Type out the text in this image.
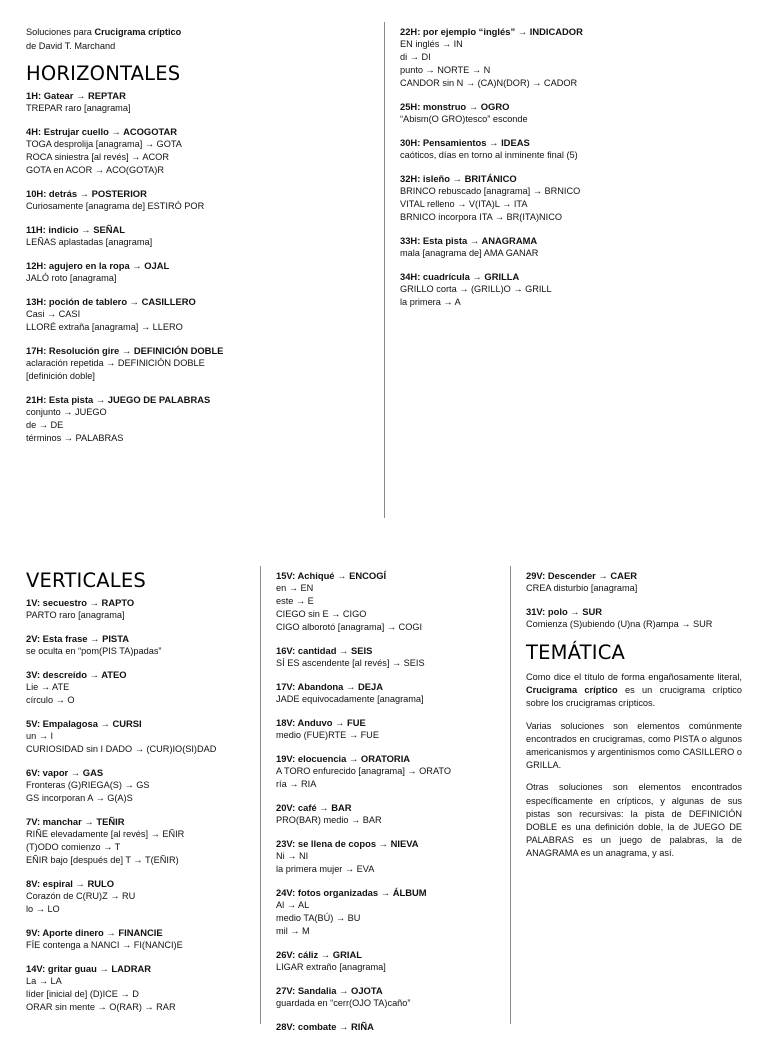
Soluciones para Crucigrama críptico
de David T. Marchand
HORIZONTALES
1H: Gatear → REPTAR
TREPAR raro [anagrama]
4H: Estrujar cuello → ACOGOTAR
TOGA desprolija [anagrama] → GOTA
ROCA siniestra [al revés] → ACOR
GOTA en ACOR → ACO(GOTA)R
10H: detrás → POSTERIOR
Curiosamente [anagrama de] ESTIRÓ POR
11H: indicio → SEÑAL
LEÑAS aplastadas [anagrama]
12H: agujero en la ropa → OJAL
JALÓ roto [anagrama]
13H: poción de tablero → CASILLERO
Casi → CASI
LLORÉ extraña [anagrama] → LLERO
17H: Resolución gire → DEFINICIÓN DOBLE
aclaración repetida → DEFINICIÓN DOBLE
[definición doble]
21H: Esta pista → JUEGO DE PALABRAS
conjunto → JUEGO
de → DE
términos → PALABRAS
22H: por ejemplo “inglés” → INDICADOR
EN inglés → IN
di → DI
punto → NORTE → N
CANDOR sin N → (CA)N(DOR) → CADOR
25H: monstruo → OGRO
“Abism(O GRO)tesco” esconde
30H: Pensamientos → IDEAS
caóticos, días en torno al inminente final (5)
32H: isleño → BRITÁNICO
BRINCO rebuscado [anagrama] → BRNICO
VITAL relleno → V(ITA)L → ITA
BRNICO incorpora ITA → BR(ITA)NICO
33H: Esta pista → ANAGRAMA
mala [anagrama de] AMA GANAR
34H: cuadrícula → GRILLA
GRILLO corta → (GRILL)O → GRILL
la primera → A
VERTICALES
1V: secuestro → RAPTO
PARTO raro [anagrama]
2V: Esta frase → PISTA
se oculta en “pom(PIS TA)padas”
3V: descreído → ATEO
Lie → ATE
círculo → O
5V: Empalagosa → CURSI
un → I
CURIOSIDAD sin I DADO → (CUR)IO(SI)DAD
6V: vapor → GAS
Fronteras (G)RIEGA(S) → GS
GS incorporan A → G(A)S
7V: manchar → TEÑIR
RIÑE elevadamente [al revés] → EÑIR
(T)ODO comienzo → T
EÑIR bajo [después de] T → T(EÑIR)
8V: espiral → RULO
Corazón de C(RU)Z → RU
lo → LO
9V: Aporte dinero → FINANCIE
FÍE contenga a NANCI → FI(NANCI)E
14V: gritar guau → LADRAR
La → LA
líder [inicial de] (D)ICE → D
ORAR sin mente → O(RAR) → RAR
15V: Achiqué → ENCOGÍ
en → EN
este → E
CIEGO sin E → CIGO
CIGO alborotó [anagrama] → COGI
16V: cantidad → SEIS
SÍ ES ascendente [al revés] → SEIS
17V: Abandona → DEJA
JADE equivocadamente [anagrama]
18V: Anduvo → FUE
medio (FUE)RTE → FUE
19V: elocuencia → ORATORIA
A TORO enfurecido [anagrama] → ORATO
ría → RIA
20V: café → BAR
PRO(BAR) medio → BAR
23V: se llena de copos → NIEVA
Ni → NI
la primera mujer → EVA
24V: fotos organizadas → ÁLBUM
Al → AL
medio TA(BÚ) → BU
mil → M
26V: cáliz → GRIAL
LIGAR extraño [anagrama]
27V: Sandalia → OJOTA
guardada en “cerr(OJO TA)caño”
28V: combate → RIÑA
29V: Descender → CAER
CREA disturbio [anagrama]
31V: polo → SUR
Comienza (S)ubiendo (U)na (R)ampa → SUR
TEMÁTICA

Como dice el título de forma engañosamente literal, Crucigrama críptico es un crucigrama críptico sobre los crucigramas crípticos.

Varias soluciones son elementos comúnmente encontrados en crucigramas, como PISTA o algunos americanismos y argentinismos como CASILLERO o GRILLA.

Otras soluciones son elementos encontrados específicamente en crípticos, y algunas de sus pistas son recursivas: la pista de DEFINICIÓN DOBLE es una definición doble, la de JUEGO DE PALABRAS es un juego de palabras, la de ANAGRAMA es un anagrama, y así.
